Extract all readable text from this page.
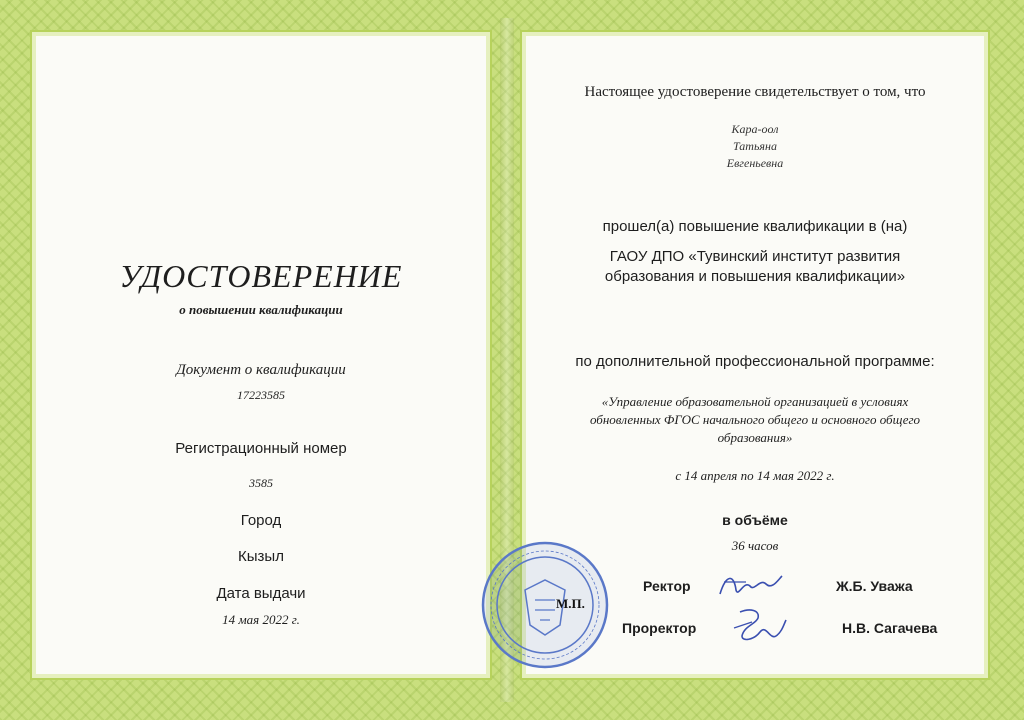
УДОСТОВЕРЕНИЕ

о повышении квалификации

Документ о квалификации

17223585

Регистрационный номер

3585

Город

Кызыл

Дата выдачи

14 мая 2022 г.

Настоящее удостоверение свидетельствует о том, что

Кара-оол

Татьяна

Евгеньевна

прошел(а) повышение квалификации в (на)

ГАОУ ДПО «Тувинский институт развития

образования и повышения квалификации»

по дополнительной профессиональной программе:

«Управление образовательной организацией в условиях

обновленных ФГОС начального общего и основного общего

образования»

с 14 апреля по 14 мая 2022 г.

в объёме

36 часов

М.П.
Ректор	Ж.Б. Уважа
Проректор	Н.В. Сагачева
